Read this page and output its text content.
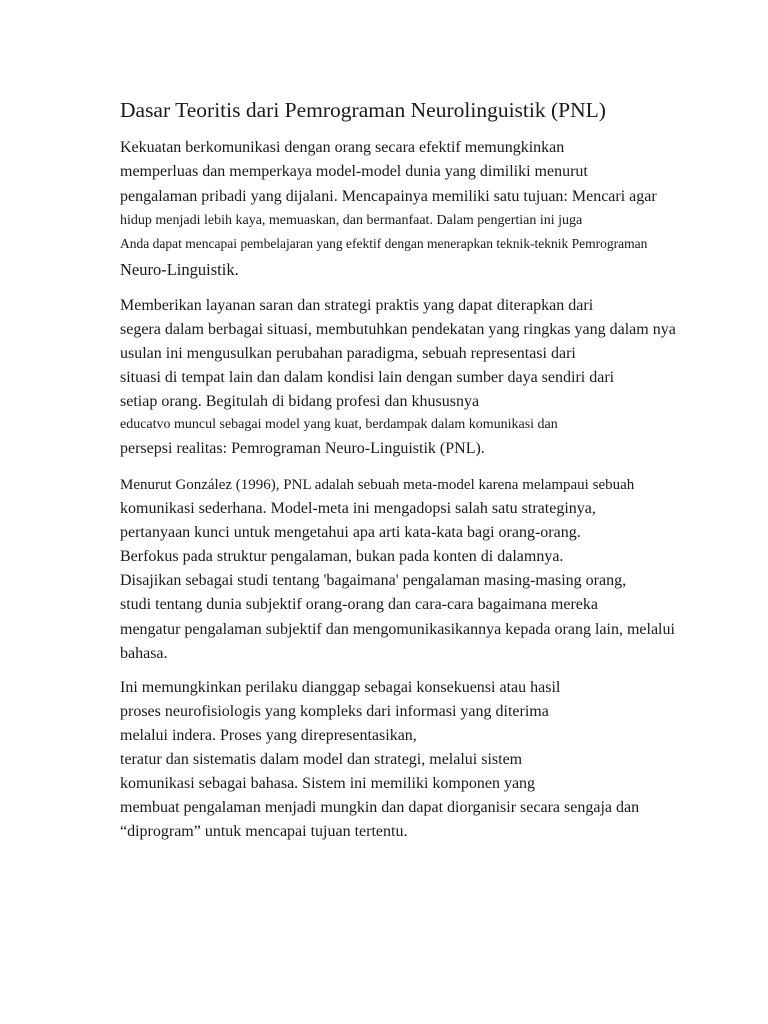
Dasar Teoritis dari Pemrograman Neurolinguistik (PNL)
Kekuatan berkomunikasi dengan orang secara efektif memungkinkan
memperluas dan memperkaya model-model dunia yang dimiliki menurut
pengalaman pribadi yang dijalani. Mencapainya memiliki satu tujuan: Mencari agar
hidup menjadi lebih kaya, memuaskan, dan bermanfaat. Dalam pengertian ini juga
Anda dapat mencapai pembelajaran yang efektif dengan menerapkan teknik-teknik Pemrograman
Neuro-Linguistik.
Memberikan layanan saran dan strategi praktis yang dapat diterapkan dari
segera dalam berbagai situasi, membutuhkan pendekatan yang ringkas yang dalam nya
usulan ini mengusulkan perubahan paradigma, sebuah representasi dari
situasi di tempat lain dan dalam kondisi lain dengan sumber daya sendiri dari
setiap orang. Begitulah di bidang profesi dan khususnya
educatvo muncul sebagai model yang kuat, berdampak dalam komunikasi dan
persepsi realitas: Pemrograman Neuro-Linguistik (PNL).
Menurut González (1996), PNL adalah sebuah meta-model karena melampaui sebuah
komunikasi sederhana. Model-meta ini mengadopsi salah satu strateginya,
pertanyaan kunci untuk mengetahui apa arti kata-kata bagi orang-orang.
Berfokus pada struktur pengalaman, bukan pada konten di dalamnya.
Disajikan sebagai studi tentang 'bagaimana' pengalaman masing-masing orang,
studi tentang dunia subjektif orang-orang dan cara-cara bagaimana mereka
mengatur pengalaman subjektif dan mengomunikasikannya kepada orang lain, melalui
bahasa.
Ini memungkinkan perilaku dianggap sebagai konsekuensi atau hasil
proses neurofisiologis yang kompleks dari informasi yang diterima
melalui indera. Proses yang direpresentasikan,
teratur dan sistematis dalam model dan strategi, melalui sistem
komunikasi sebagai bahasa. Sistem ini memiliki komponen yang
membuat pengalaman menjadi mungkin dan dapat diorganisir secara sengaja dan
“diprogram” untuk mencapai tujuan tertentu.
